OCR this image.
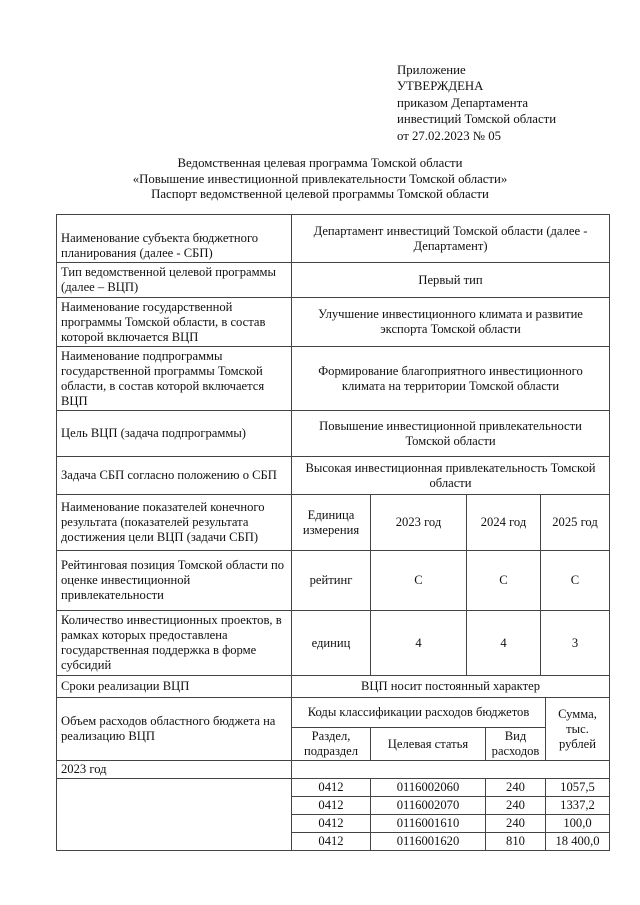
Приложение
УТВЕРЖДЕНА
приказом Департамента
инвестиций Томской области
от 27.02.2023 № 05
Ведомственная целевая программа Томской области
«Повышение инвестиционной привлекательности Томской области»
Паспорт ведомственной целевой программы Томской области
Наименование субъекта бюджетного планирования (далее - СБП)	Департамент инвестиций Томской области (далее - Департамент)			
Тип ведомственной целевой программы (далее – ВЦП)	Первый тип			
Наименование государственной программы Томской области, в состав которой включается ВЦП	Улучшение инвестиционного климата и развитие экспорта Томской области			
Наименование подпрограммы государственной программы Томской области, в состав которой включается ВЦП	Формирование благоприятного инвестиционного климата на территории Томской области			
Цель ВЦП (задача подпрограммы)	Повышение инвестиционной привлекательности Томской области			
Задача СБП согласно положению о СБП	Высокая инвестиционная привлекательность Томской области			
Наименование показателей конечного результата (показателей результата достижения цели ВЦП (задачи СБП)	Единица измерения	2023 год	2024 год	2025 год
Рейтинговая позиция Томской области по оценке инвестиционной привлекательности	рейтинг	C	C	C
Количество инвестиционных проектов, в рамках которых предоставлена государственная поддержка в форме субсидий	единиц	4	4	3
Сроки реализации ВЦП	ВЦП носит постоянный характер			
Объем расходов областного бюджета на реализацию ВЦП	Коды классификации расходов бюджетов			Сумма, тыс. рублей
	Раздел, подраздел	Целевая статья	Вид расходов	
2023 год				
	0412	0116002060	240	1057,5
	0412	0116002070	240	1337,2
	0412	0116001610	240	100,0
	0412	0116001620	810	18 400,0
